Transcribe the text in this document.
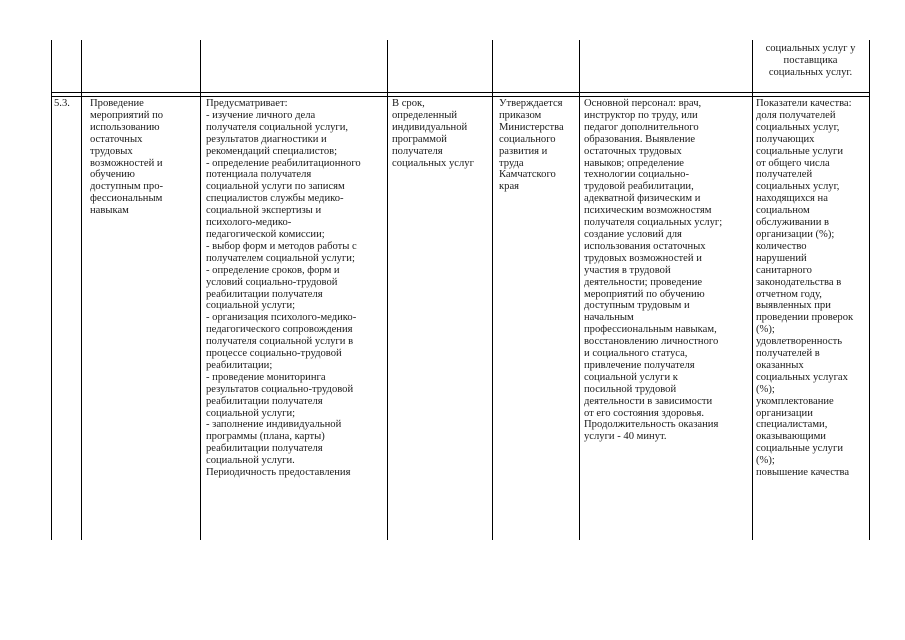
социальных услуг у
поставщика
социальных услуг.
5.3.	Проведение
мероприятий по
использованию
остаточных
трудовых
возможностей и
обучению
доступным про-
фессиональным
навыкам
Предусматривает:
- изучение личного дела
получателя социальной услуги,
результатов диагностики и
рекомендаций специалистов;
- определение реабилитационного
потенциала получателя
социальной услуги по записям
специалистов службы медико-
социальной экспертизы и
психолого-медико-
педагогической комиссии;
- выбор форм и методов работы с
получателем социальной услуги;
- определение сроков, форм и
условий социально-трудовой
реабилитации получателя
социальной услуги;
- организация психолого-медико-
педагогического сопровождения
получателя социальной услуги в
процессе социально-трудовой
реабилитации;
- проведение мониторинга
результатов социально-трудовой
реабилитации получателя
социальной услуги;
- заполнение индивидуальной
программы (плана, карты)
реабилитации получателя
социальной услуги.
Периодичность предоставления
В срок,
определенный
индивидуальной
программой
получателя
социальных услуг
Утверждается
приказом
Министерства
социального
развития и
труда
Камчатского
края
Основной персонал: врач,
инструктор по труду, или
педагог дополнительного
образования. Выявление
остаточных трудовых
навыков; определение
технологии социально-
трудовой реабилитации,
адекватной физическим и
психическим возможностям
получателя социальных услуг;
создание условий для
использования остаточных
трудовых возможностей и
участия в трудовой
деятельности; проведение
мероприятий по обучению
доступным трудовым и
начальным
профессиональным навыкам,
восстановлению личностного
и социального статуса,
привлечение получателя
социальной услуги к
посильной трудовой
деятельности в зависимости
от его состояния здоровья.
Продолжительность оказания
услуги - 40 минут.
Показатели качества:
доля получателей
социальных услуг,
получающих
социальные услуги
от общего числа
получателей
социальных услуг,
находящихся на
социальном
обслуживании в
организации (%);
количество
нарушений
санитарного
законодательства в
отчетном году,
выявленных при
проведении проверок
(%);
удовлетворенность
получателей в
оказанных
социальных услугах
(%);
укомплектование
организации
специалистами,
оказывающими
социальные услуги
(%);
повышение качества
